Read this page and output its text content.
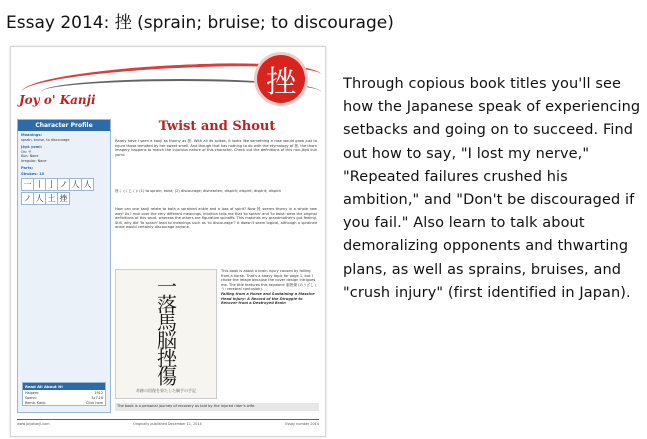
Essay 2014: 挫 (sprain; bruise; to discourage)
Joy o' Kanji	挫
Character Profile
Meanings:
sprain, bruise, to discourage
Jōyō yomi:
On: サ
Kun: None
Irregular: None
Parts:
Strokes: 10
一 丨 亅 ノ 人 人
ノ 人 土 挫
Read All About It!
Halpern:	1912
Spahn:	3c7.16
Remb. Kanji:	Click here
Twist and Shout
Rarely have I seen a kanji as thorny as 挫. With all its spikes, it looks like something a rose would grow just to injure those tempted by her sweet smell. And though that has nothing to do with the etymology of 挫, the thorn imagery happens to match the injurious nature of this character. Check out the definitions of this non-Jōyō kun yomi:
挫く (くじく): (1) to sprain; twist; (2) discourage; dishearten; dispirit; dispirit; dispirit; dispirit
How can one kanji relate to both a sprained ankle and a loss of spirit? Now 挫 seems thorny in a whole new way! As I mull over the very different meanings, intuition tells me that 'to sprain' and 'to twist' were the original definitions of this word, whereas the others are figurative spinoffs. This matches my grandmother's gut feeling. Still, why did 'to sprain' lead to meanings such as 'to discourage'? It doesn't seem logical, although a sprained ankle would certainly discourage anyone.
一落馬脳挫傷
奇跡の回復を果たした騎手の手記
This book is about a brain injury caused by falling from a horse. That's a heavy topic for page 1, but I chose the image because the cover design intrigues me. The title features this keyword: 脳挫傷 (のうざしょう: cerebral contusion).
Falling from a Horse and Sustaining a Massive Head Injury: A Record of the Struggle to Recover from a Destroyed Brain
The book is a personal journey of recovery as told by the injured rider's wife.
www.joyokanji.com	Originally published December 11, 2014	Essay number 2014
Through copious book titles you'll see how the Japanese speak of experiencing setbacks and going on to succeed. Find out how to say, "I lost my nerve," "Repeated failures crushed his ambition," and "Don't be discouraged if you fail." Also learn to talk about demoralizing opponents and thwarting plans, as well as sprains, bruises, and "crush injury" (first identified in Japan).
